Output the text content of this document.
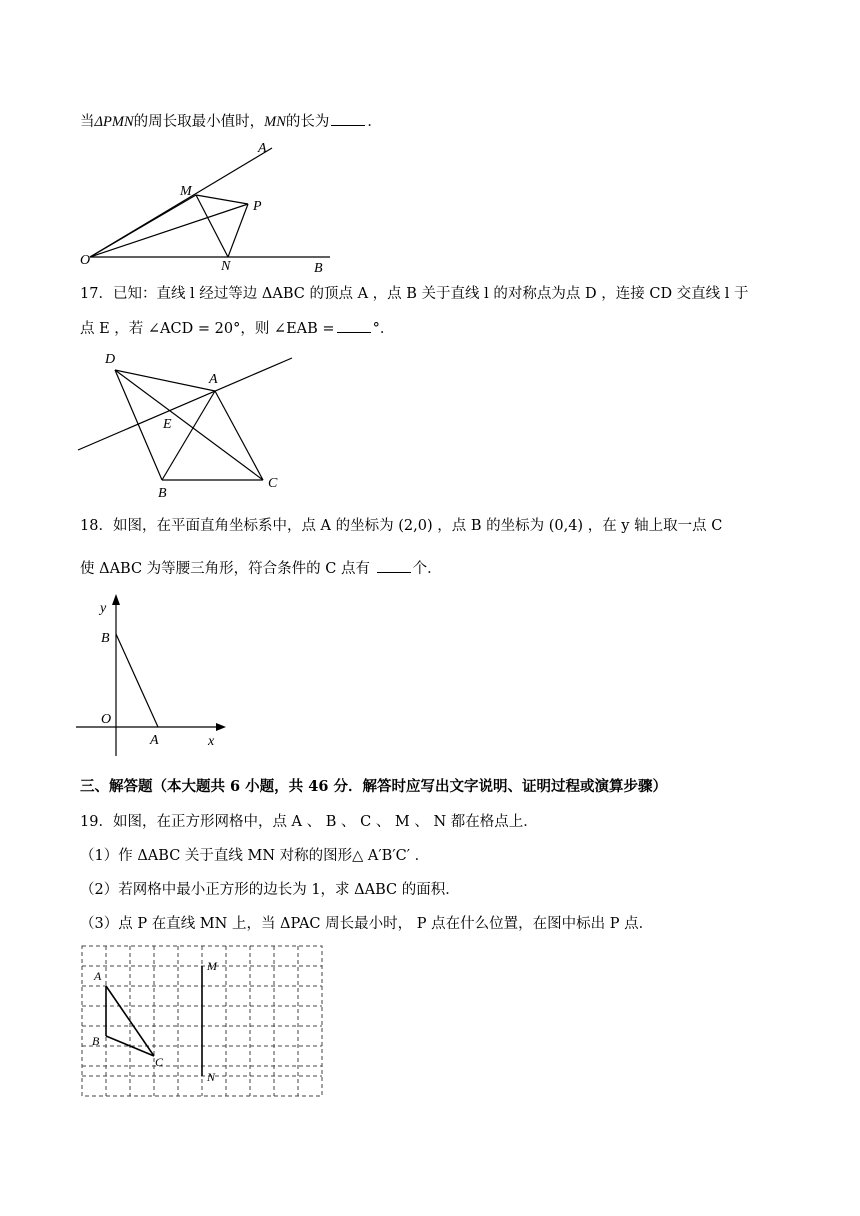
当ΔPMN的周长取最小值时，MN的长为	．
A
M
P
O	N	B
17．已知：直线 l 经过等边 ΔABC 的顶点 A ，点 B 关于直线 l 的对称点为点 D ，连接 CD 交直线 l 于
点 E ，若 ∠ACD = 20°，则 ∠EAB =	°．
D
A
E
B
C
18．如图，在平面直角坐标系中，点 A 的坐标为 (2,0) ，点 B 的坐标为 (0,4) ，在 y 轴上取一点 C
使 ΔABC 为等腰三角形，符合条件的 C 点有	个．
y
B
O
A	x
三、解答题（本大题共 6 小题，共 46 分．解答时应写出文字说明、证明过程或演算步骤）
19．如图，在正方形网格中，点 A 、 B 、 C 、 M 、 N 都在格点上．
（1）作 ΔABC 关于直线 MN 对称的图形△ A′B′C′ ．
（2）若网格中最小正方形的边长为 1，求 ΔABC 的面积．
（3）点 P 在直线 MN 上，当 ΔPAC 周长最小时， P 点在什么位置，在图中标出 P 点．
A
B
C
M
N
